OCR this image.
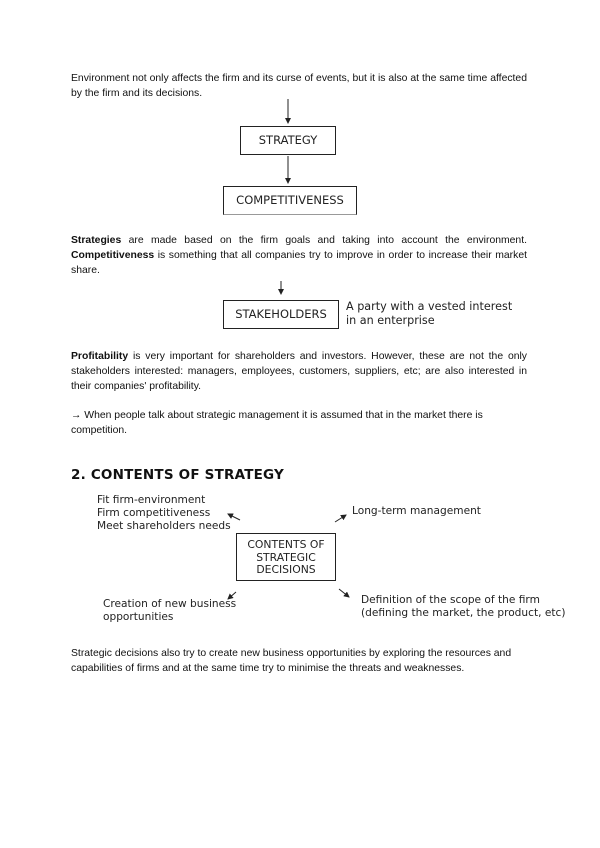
Environment not only affects the firm and its curse of events, but it is also at the same time affected by the firm and its decisions.
STRATEGY
COMPETITIVENESS
Strategies are made based on the firm goals and taking into account the environment. Competitiveness is something that all companies try to improve in order to increase their market share.
STAKEHOLDERS
A party with a vested interest
in an enterprise
Profitability is very important for shareholders and investors. However, these are not the only stakeholders interested: managers, employees, customers, suppliers, etc; are also interested in their companies' profitability.
→ When people talk about strategic management it is assumed that in the market there is competition.
2. CONTENTS OF STRATEGY
Fit firm-environment
Firm competitiveness
Meet shareholders needs
Long-term management
CONTENTS OF
STRATEGIC
DECISIONS
Creation of new business
opportunities
Definition of the scope of the firm
(defining the market, the product, etc)
Strategic decisions also try to create new business opportunities by exploring the resources and capabilities of firms and at the same time try to minimise the threats and weaknesses.
